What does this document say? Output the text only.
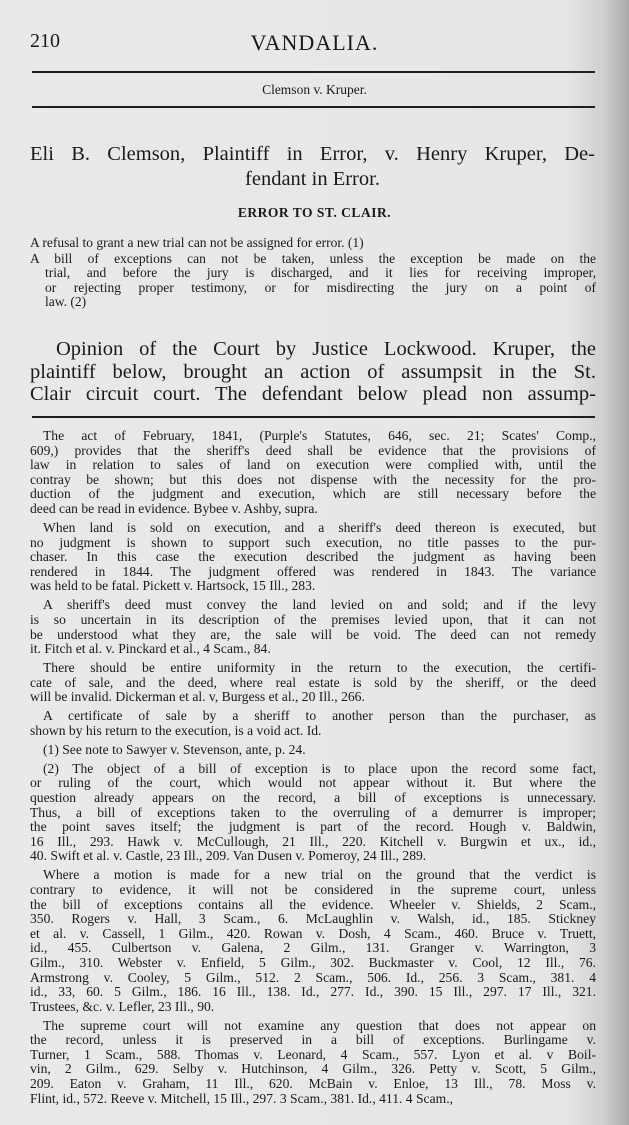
210	VANDALIA.
Clemson v. Kruper.
Eli B. Clemson, Plaintiff in Error, v. Henry Kruper, De-
fendant in Error.
ERROR TO ST. CLAIR.
A refusal to grant a new trial can not be assigned for error. (1)
A bill of exceptions can not be taken, unless the exception be made on the
trial, and before the jury is discharged, and it lies for receiving improper,
or rejecting proper testimony, or for misdirecting the jury on a point of
law. (2)
Opinion of the Court by Justice Lockwood. Kruper, the
plaintiff below, brought an action of assumpsit in the St.
Clair circuit court. The defendant below plead non assump-
The act of February, 1841, (Purple's Statutes, 646, sec. 21; Scates' Comp.,
609,) provides that the sheriff's deed shall be evidence that the provisions of
law in relation to sales of land on execution were complied with, until the
contray be shown; but this does not dispense with the necessity for the pro-
duction of the judgment and execution, which are still necessary before the
deed can be read in evidence. Bybee v. Ashby, supra.
When land is sold on execution, and a sheriff's deed thereon is executed, but
no judgment is shown to support such execution, no title passes to the pur-
chaser. In this case the execution described the judgment as having been
rendered in 1844. The judgment offered was rendered in 1843. The variance
was held to be fatal. Pickett v. Hartsock, 15 Ill., 283.
A sheriff's deed must convey the land levied on and sold; and if the levy
is so uncertain in its description of the premises levied upon, that it can not
be understood what they are, the sale will be void. The deed can not remedy
it. Fitch et al. v. Pinckard et al., 4 Scam., 84.
There should be entire uniformity in the return to the execution, the certifi-
cate of sale, and the deed, where real estate is sold by the sheriff, or the deed
will be invalid. Dickerman et al. v, Burgess et al., 20 Ill., 266.
A certificate of sale by a sheriff to another person than the purchaser, as
shown by his return to the execution, is a void act. Id.
(1) See note to Sawyer v. Stevenson, ante, p. 24.
(2) The object of a bill of exception is to place upon the record some fact,
or ruling of the court, which would not appear without it. But where the
question already appears on the record, a bill of exceptions is unnecessary.
Thus, a bill of exceptions taken to the overruling of a demurrer is improper;
the point saves itself; the judgment is part of the record. Hough v. Baldwin,
16 Ill., 293. Hawk v. McCullough, 21 Ill., 220. Kitchell v. Burgwin et ux., id.,
40. Swift et al. v. Castle, 23 Ill., 209. Van Dusen v. Pomeroy, 24 Ill., 289.
Where a motion is made for a new trial on the ground that the verdict is
contrary to evidence, it will not be considered in the supreme court, unless
the bill of exceptions contains all the evidence. Wheeler v. Shields, 2 Scam.,
350. Rogers v. Hall, 3 Scam., 6. McLaughlin v. Walsh, id., 185. Stickney
et al. v. Cassell, 1 Gilm., 420. Rowan v. Dosh, 4 Scam., 460. Bruce v. Truett,
id., 455. Culbertson v. Galena, 2 Gilm., 131. Granger v. Warrington, 3
Gilm., 310. Webster v. Enfield, 5 Gilm., 302. Buckmaster v. Cool, 12 Ill., 76.
Armstrong v. Cooley, 5 Gilm., 512. 2 Scam., 506. Id., 256. 3 Scam., 381. 4
id., 33, 60. 5 Gilm., 186. 16 Ill., 138. Id., 277. Id., 390. 15 Ill., 297. 17 Ill., 321.
Trustees, &c. v. Lefler, 23 Ill., 90.
The supreme court will not examine any question that does not appear on
the record, unless it is preserved in a bill of exceptions. Burlingame v.
Turner, 1 Scam., 588. Thomas v. Leonard, 4 Scam., 557. Lyon et al. v Boil-
vin, 2 Gilm., 629. Selby v. Hutchinson, 4 Gilm., 326. Petty v. Scott, 5 Gilm.,
209. Eaton v. Graham, 11 Ill., 620. McBain v. Enloe, 13 Ill., 78. Moss v.
Flint, id., 572. Reeve v. Mitchell, 15 Ill., 297. 3 Scam., 381. Id., 411. 4 Scam.,
